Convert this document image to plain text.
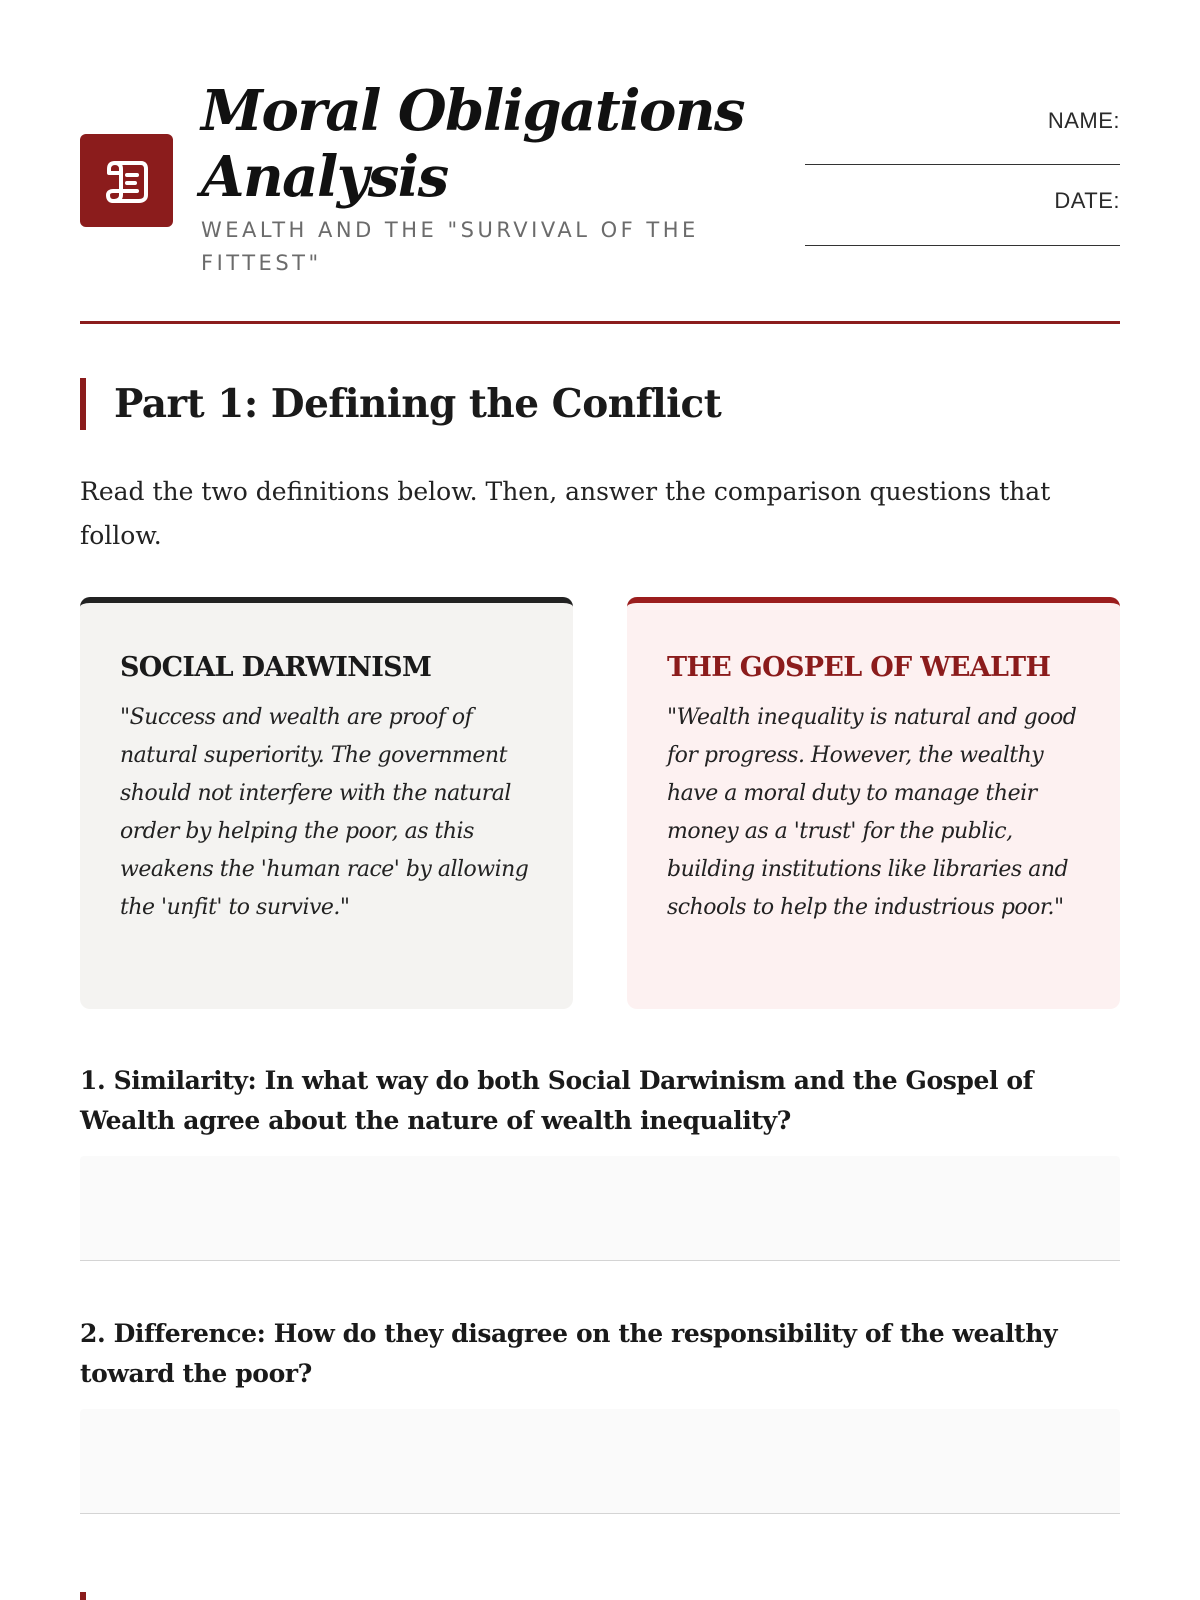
Moral Obligations Analysis
WEALTH AND THE "SURVIVAL OF THE FITTEST"
NAME:
DATE:
Part 1: Defining the Conflict

Read the two definitions below. Then, answer the comparison questions that follow.

SOCIAL DARWINISM

"Success and wealth are proof of natural superiority. The government should not interfere with the natural order by helping the poor, as this weakens the 'human race' by allowing the 'unfit' to survive."

THE GOSPEL OF WEALTH

"Wealth inequality is natural and good for progress. However, the wealthy have a moral duty to manage their money as a 'trust' for the public, building institutions like libraries and schools to help the industrious poor."

1. Similarity: In what way do both Social Darwinism and the Gospel of Wealth agree about the nature of wealth inequality?

2. Difference: How do they disagree on the responsibility of the wealthy toward the poor?
